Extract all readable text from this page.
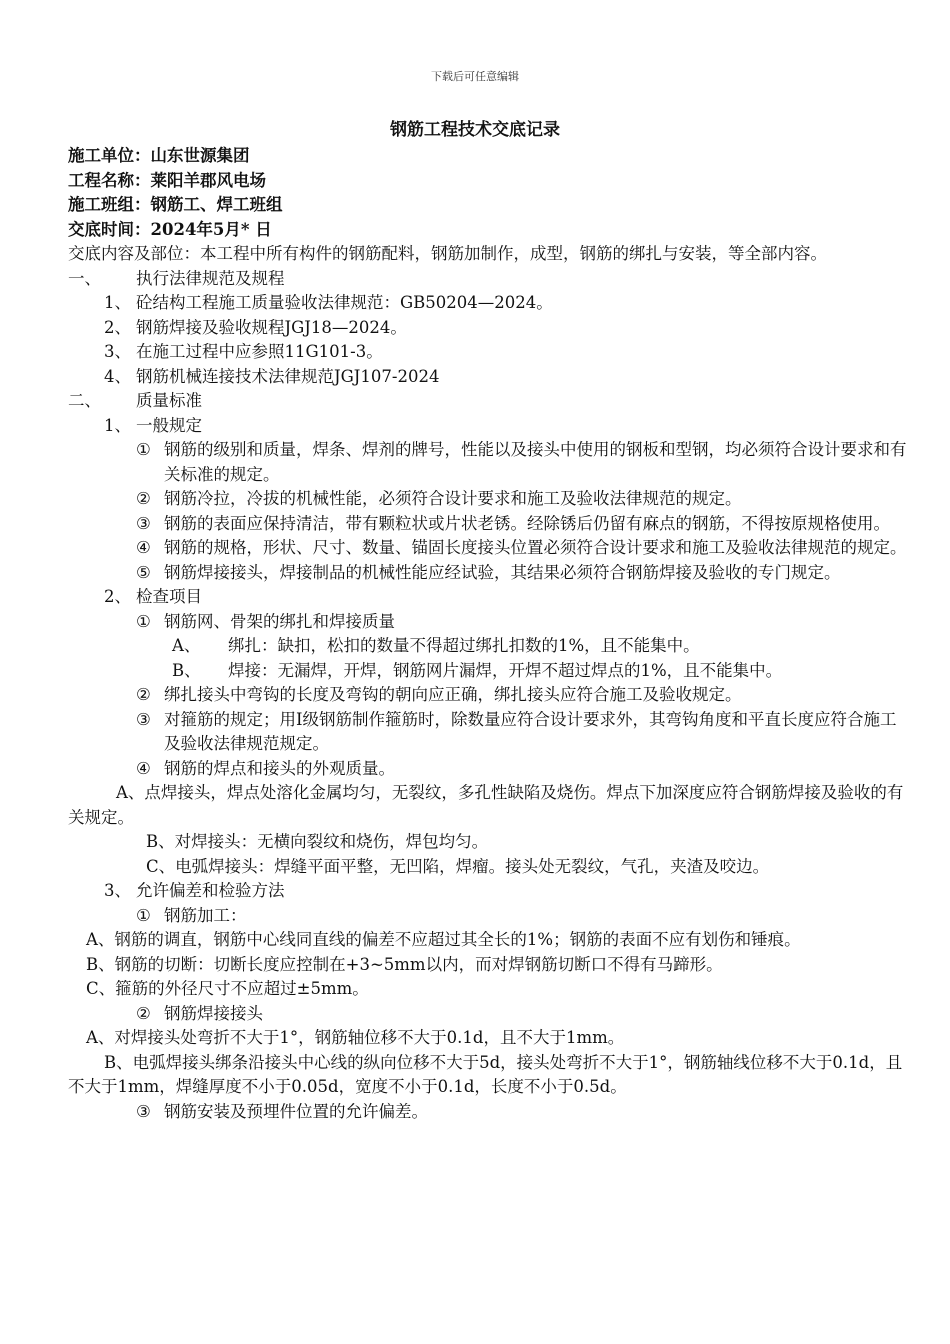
下载后可任意编辑
钢筋工程技术交底记录

施工单位：山东世源集团

工程名称：莱阳羊郡风电场

施工班组：钢筋工、焊工班组

交底时间：2024年5月* 日

交底内容及部位：本工程中所有构件的钢筋配料，钢筋加制作，成型，钢筋的绑扎与安装，等全部内容。

一、	执行法律规范及规程
1、 砼结构工程施工质量验收法律规范：GB50204—2024。
2、 钢筋焊接及验收规程JGJ18—2024。
3、 在施工过程中应参照11G101-3。
4、 钢筋机械连接技术法律规范JGJ107-2024
二、	质量标准
1、 一般规定
① 钢筋的级别和质量，焊条、焊剂的牌号，性能以及接头中使用的钢板和型钢，均必须符合设计要求和有关标准的规定。
② 钢筋冷拉，冷拔的机械性能，必须符合设计要求和施工及验收法律规范的规定。
③ 钢筋的表面应保持清洁，带有颗粒状或片状老锈。经除锈后仍留有麻点的钢筋，不得按原规格使用。
④ 钢筋的规格，形状、尺寸、数量、锚固长度接头位置必须符合设计要求和施工及验收法律规范的规定。
⑤ 钢筋焊接接头，焊接制品的机械性能应经试验，其结果必须符合钢筋焊接及验收的专门规定。
2、 检查项目
① 钢筋网、骨架的绑扎和焊接质量
A、	绑扎：缺扣，松扣的数量不得超过绑扎扣数的1%，且不能集中。
B、	焊接：无漏焊，开焊，钢筋网片漏焊，开焊不超过焊点的1%，且不能集中。
② 绑扎接头中弯钩的长度及弯钩的朝向应正确，绑扎接头应符合施工及验收规定。
③ 对箍筋的规定；用Ⅰ级钢筋制作箍筋时，除数量应符合设计要求外，其弯钩角度和平直长度应符合施工及验收法律规范规定。
④ 钢筋的焊点和接头的外观质量。

A、点焊接头，焊点处溶化金属均匀，无裂纹，多孔性缺陷及烧伤。焊点下加深度应符合钢筋焊接及验收的有关规定。

B、对焊接头：无横向裂纹和烧伤，焊包均匀。

C、电弧焊接头：焊缝平面平整，无凹陷，焊瘤。接头处无裂纹，气孔，夹渣及咬边。

3、 允许偏差和检验方法
① 钢筋加工：

A、钢筋的调直，钢筋中心线同直线的偏差不应超过其全长的1%；钢筋的表面不应有划伤和锤痕。

B、钢筋的切断：切断长度应控制在+3~5mm以内，而对焊钢筋切断口不得有马蹄形。

C、箍筋的外径尺寸不应超过±5mm。

② 钢筋焊接接头

A、对焊接头处弯折不大于1°，钢筋轴位移不大于0.1d，且不大于1mm。

B、电弧焊接头绑条沿接头中心线的纵向位移不大于5d，接头处弯折不大于1°，钢筋轴线位移不大于0.1d，且不大于1mm，焊缝厚度不小于0.05d，宽度不小于0.1d，长度不小于0.5d。

③ 钢筋安装及预埋件位置的允许偏差。
